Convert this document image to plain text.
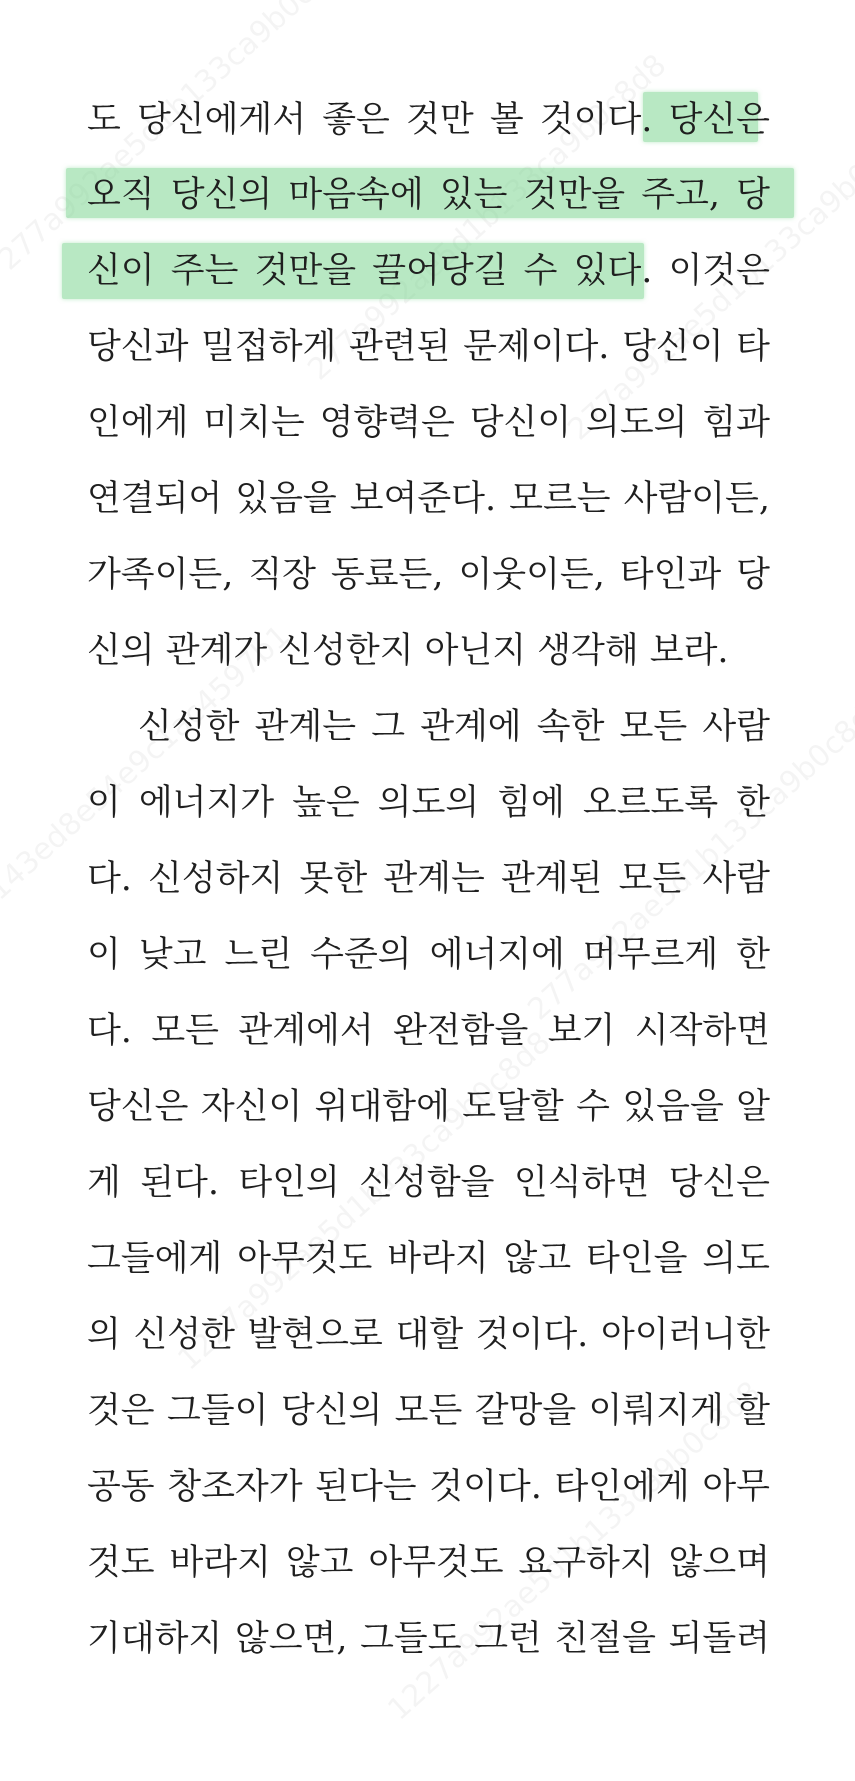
도 당신에게서 좋은 것만 볼 것이다. 당신은
오직 당신의 마음속에 있는 것만을 주고, 당
신이 주는 것만을 끌어당길 수 있다. 이것은
당신과 밀접하게 관련된 문제이다. 당신이 타
인에게 미치는 영향력은 당신이 의도의 힘과
연결되어 있음을 보여준다. 모르는 사람이든,
가족이든, 직장 동료든, 이웃이든, 타인과 당
신의 관계가 신성한지 아닌지 생각해 보라.
신성한 관계는 그 관계에 속한 모든 사람
이 에너지가 높은 의도의 힘에 오르도록 한
다. 신성하지 못한 관계는 관계된 모든 사람
이 낮고 느린 수준의 에너지에 머무르게 한
다. 모든 관계에서 완전함을 보기 시작하면
당신은 자신이 위대함에 도달할 수 있음을 알
게 된다. 타인의 신성함을 인식하면 당신은
그들에게 아무것도 바라지 않고 타인을 의도
의 신성한 발현으로 대할 것이다. 아이러니한
것은 그들이 당신의 모든 갈망을 이뤄지게 할
공동 창조자가 된다는 것이다. 타인에게 아무
것도 바라지 않고 아무것도 요구하지 않으며
기대하지 않으면, 그들도 그런 친절을 되돌려
